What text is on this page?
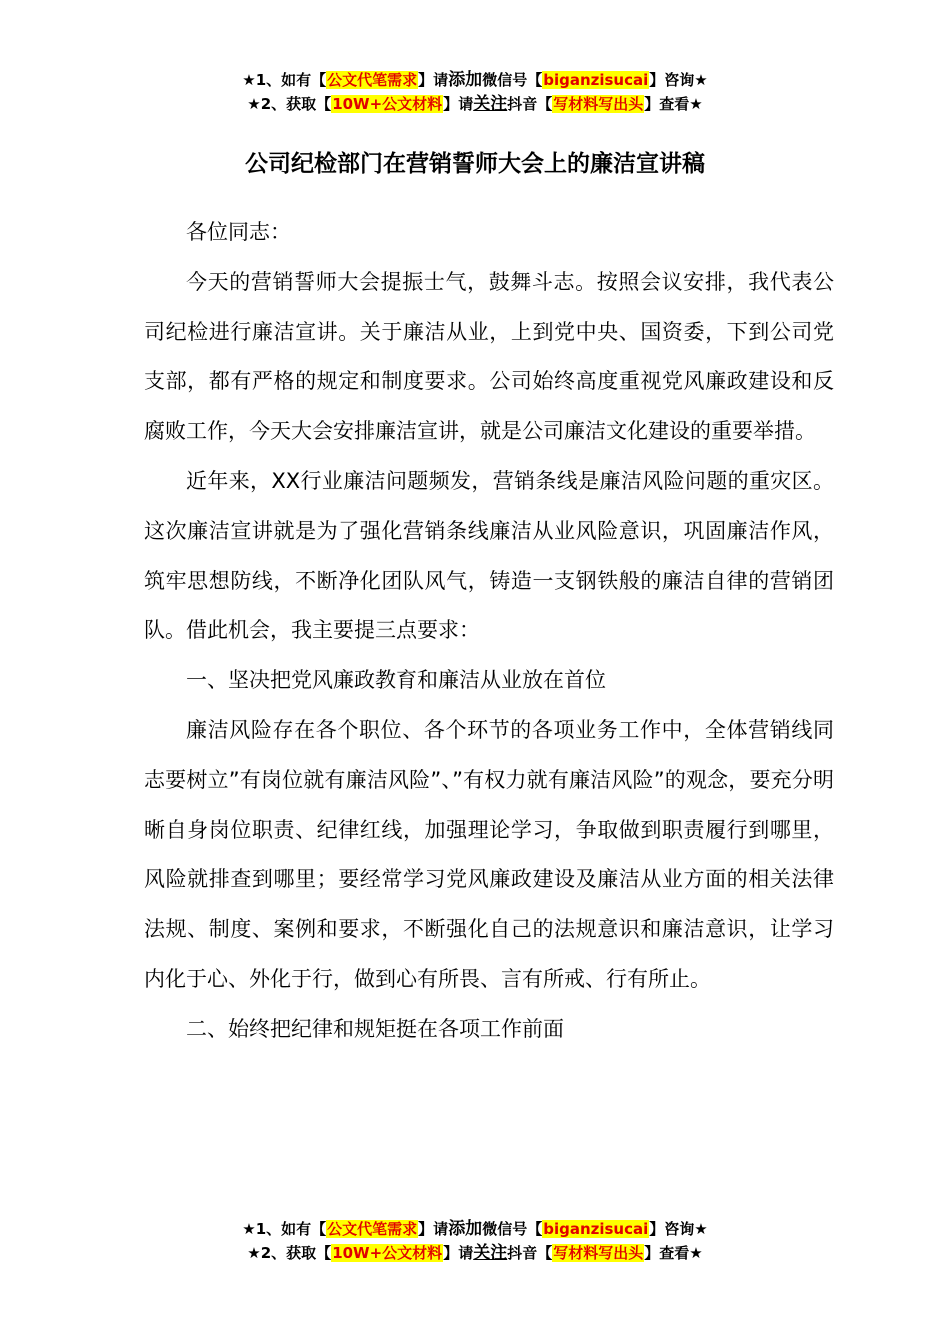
★1、如有【公文代笔需求】请添加微信号【biganzisucai】咨询★
★2、获取【10W+公文材料】请关注抖音【写材料写出头】查看★
公司纪检部门在营销誓师大会上的廉洁宣讲稿

各位同志：

今天的营销誓师大会提振士气，鼓舞斗志。按照会议安排，我代表公司纪检进行廉洁宣讲。关于廉洁从业，上到党中央、国资委，下到公司党支部，都有严格的规定和制度要求。公司始终高度重视党风廉政建设和反腐败工作，今天大会安排廉洁宣讲，就是公司廉洁文化建设的重要举措。

近年来，XX行业廉洁问题频发，营销条线是廉洁风险问题的重灾区。这次廉洁宣讲就是为了强化营销条线廉洁从业风险意识，巩固廉洁作风，筑牢思想防线，不断净化团队风气，铸造一支钢铁般的廉洁自律的营销团队。借此机会，我主要提三点要求：

一、坚决把党风廉政教育和廉洁从业放在首位

廉洁风险存在各个职位、各个环节的各项业务工作中，全体营销线同志要树立”有岗位就有廉洁风险”、”有权力就有廉洁风险”的观念，要充分明晰自身岗位职责、纪律红线，加强理论学习，争取做到职责履行到哪里，风险就排查到哪里；要经常学习党风廉政建设及廉洁从业方面的相关法律法规、制度、案例和要求，不断强化自己的法规意识和廉洁意识，让学习内化于心、外化于行，做到心有所畏、言有所戒、行有所止。

二、始终把纪律和规矩挺在各项工作前面

★1、如有【公文代笔需求】请添加微信号【biganzisucai】咨询★
★2、获取【10W+公文材料】请关注抖音【写材料写出头】查看★
